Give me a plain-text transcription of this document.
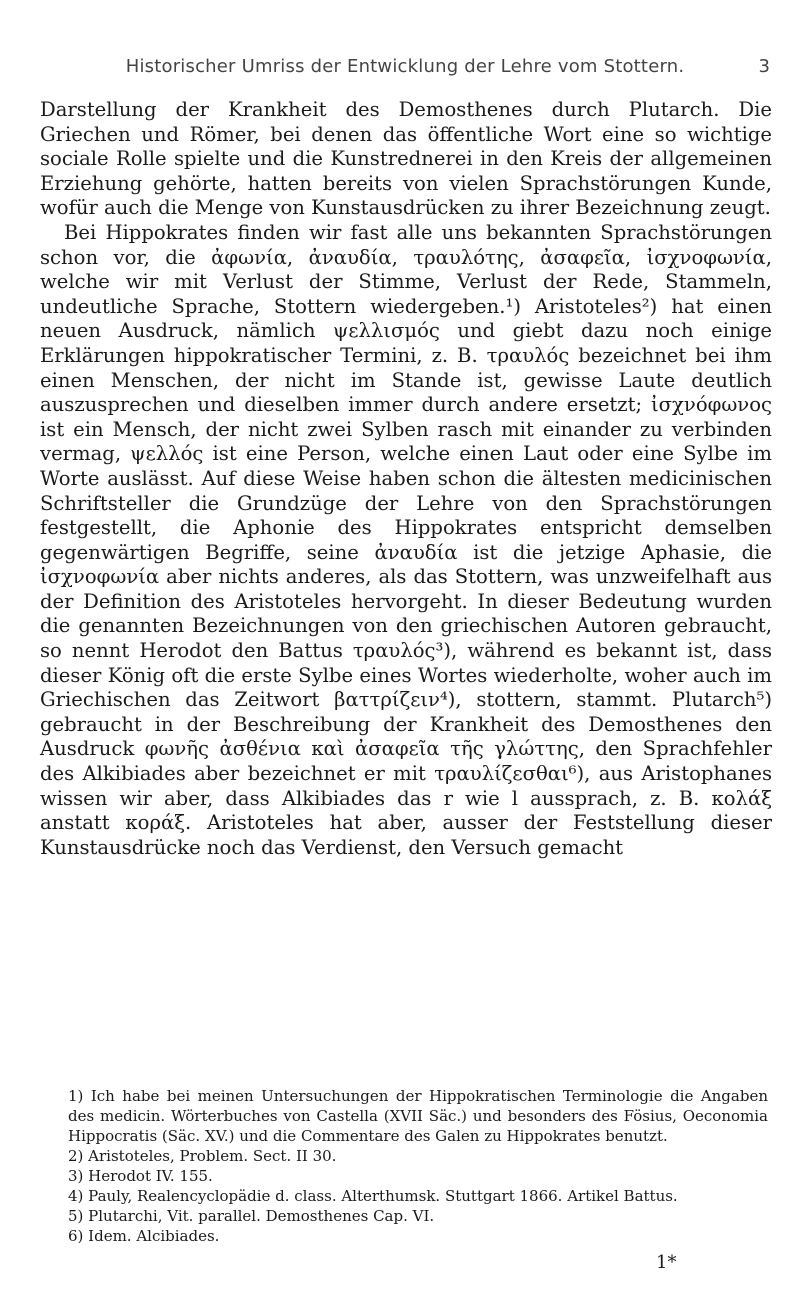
Historischer Umriss der Entwicklung der Lehre vom Stottern.	3

Darstellung der Krankheit des Demosthenes durch Plutarch. Die Griechen und Römer, bei denen das öffentliche Wort eine so wichtige sociale Rolle spielte und die Kunstrednerei in den Kreis der allgemeinen Erziehung gehörte, hatten bereits von vielen Sprachstörungen Kunde, wofür auch die Menge von Kunstausdrücken zu ihrer Bezeichnung zeugt.

Bei Hippokrates finden wir fast alle uns bekannten Sprachstörungen schon vor, die ἀφωνία, ἀναυδία, τραυλότης, ἀσαφεῖα, ἰσχνοφωνία, welche wir mit Verlust der Stimme, Verlust der Rede, Stammeln, undeutliche Sprache, Stottern wiedergeben.¹) Aristoteles²) hat einen neuen Ausdruck, nämlich ψελλισμός und giebt dazu noch einige Erklärungen hippokratischer Termini, z. B. τραυλός bezeichnet bei ihm einen Menschen, der nicht im Stande ist, gewisse Laute deutlich auszusprechen und dieselben immer durch andere ersetzt; ἰσχνόφωνος ist ein Mensch, der nicht zwei Sylben rasch mit einander zu verbinden vermag, ψελλός ist eine Person, welche einen Laut oder eine Sylbe im Worte auslässt. Auf diese Weise haben schon die ältesten medicinischen Schriftsteller die Grundzüge der Lehre von den Sprachstörungen festgestellt, die Aphonie des Hippokrates entspricht demselben gegenwärtigen Begriffe, seine ἀναυδία ist die jetzige Aphasie, die ἰσχνοφωνία aber nichts anderes, als das Stottern, was unzweifelhaft aus der Definition des Aristoteles hervorgeht. In dieser Bedeutung wurden die genannten Bezeichnungen von den griechischen Autoren gebraucht, so nennt Herodot den Battus τραυλός³), während es bekannt ist, dass dieser König oft die erste Sylbe eines Wortes wiederholte, woher auch im Griechischen das Zeitwort βαττρίζειν⁴), stottern, stammt. Plutarch⁵) gebraucht in der Beschreibung der Krankheit des Demosthenes den Ausdruck φωνῆς ἀσθένια καὶ ἀσαφεῖα τῆς γλώττης, den Sprachfehler des Alkibiades aber bezeichnet er mit τραυλίζεσθαι⁶), aus Aristophanes wissen wir aber, dass Alkibiades das r wie l aussprach, z. B. κολάξ anstatt κοράξ. Aristoteles hat aber, ausser der Feststellung dieser Kunstausdrücke noch das Verdienst, den Versuch gemacht

1) Ich habe bei meinen Untersuchungen der Hippokratischen Terminologie die Angaben des medicin. Wörterbuches von Castella (XVII Säc.) und besonders des Fösius, Oeconomia Hippocratis (Säc. XV.) und die Commentare des Galen zu Hippokrates benutzt.

2) Aristoteles, Problem. Sect. II 30.

3) Herodot IV. 155.

4) Pauly, Realencyclopädie d. class. Alterthumsk. Stuttgart 1866. Artikel Battus.

5) Plutarchi, Vit. parallel. Demosthenes Cap. VI.

6) Idem. Alcibiades.

1*
